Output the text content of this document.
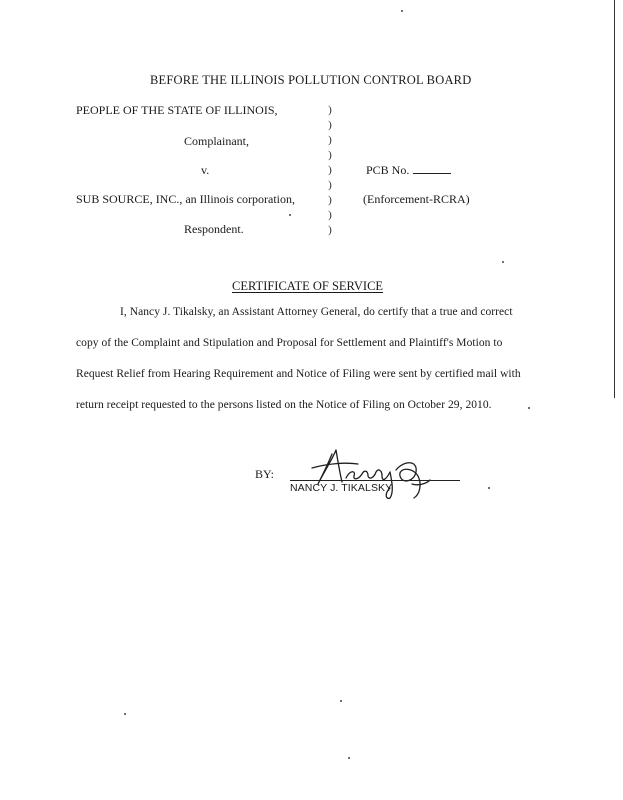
BEFORE THE ILLINOIS POLLUTION CONTROL BOARD
PEOPLE OF THE STATE OF ILLINOIS,
Complainant,
v.
SUB SOURCE, INC., an Illinois corporation,
Respondent.
)
)
)
)
)
)
)
)
)
PCB No.
(Enforcement-RCRA)
CERTIFICATE OF SERVICE
I, Nancy J. Tikalsky, an Assistant Attorney General, do certify that a true and correct
copy of the Complaint and Stipulation and Proposal for Settlement and Plaintiff's Motion to
Request Relief from Hearing Requirement and Notice of Filing were sent by certified mail with
return receipt requested to the persons listed on the Notice of Filing on October 29, 2010.
BY:
NANCY J. TIKALSKY
